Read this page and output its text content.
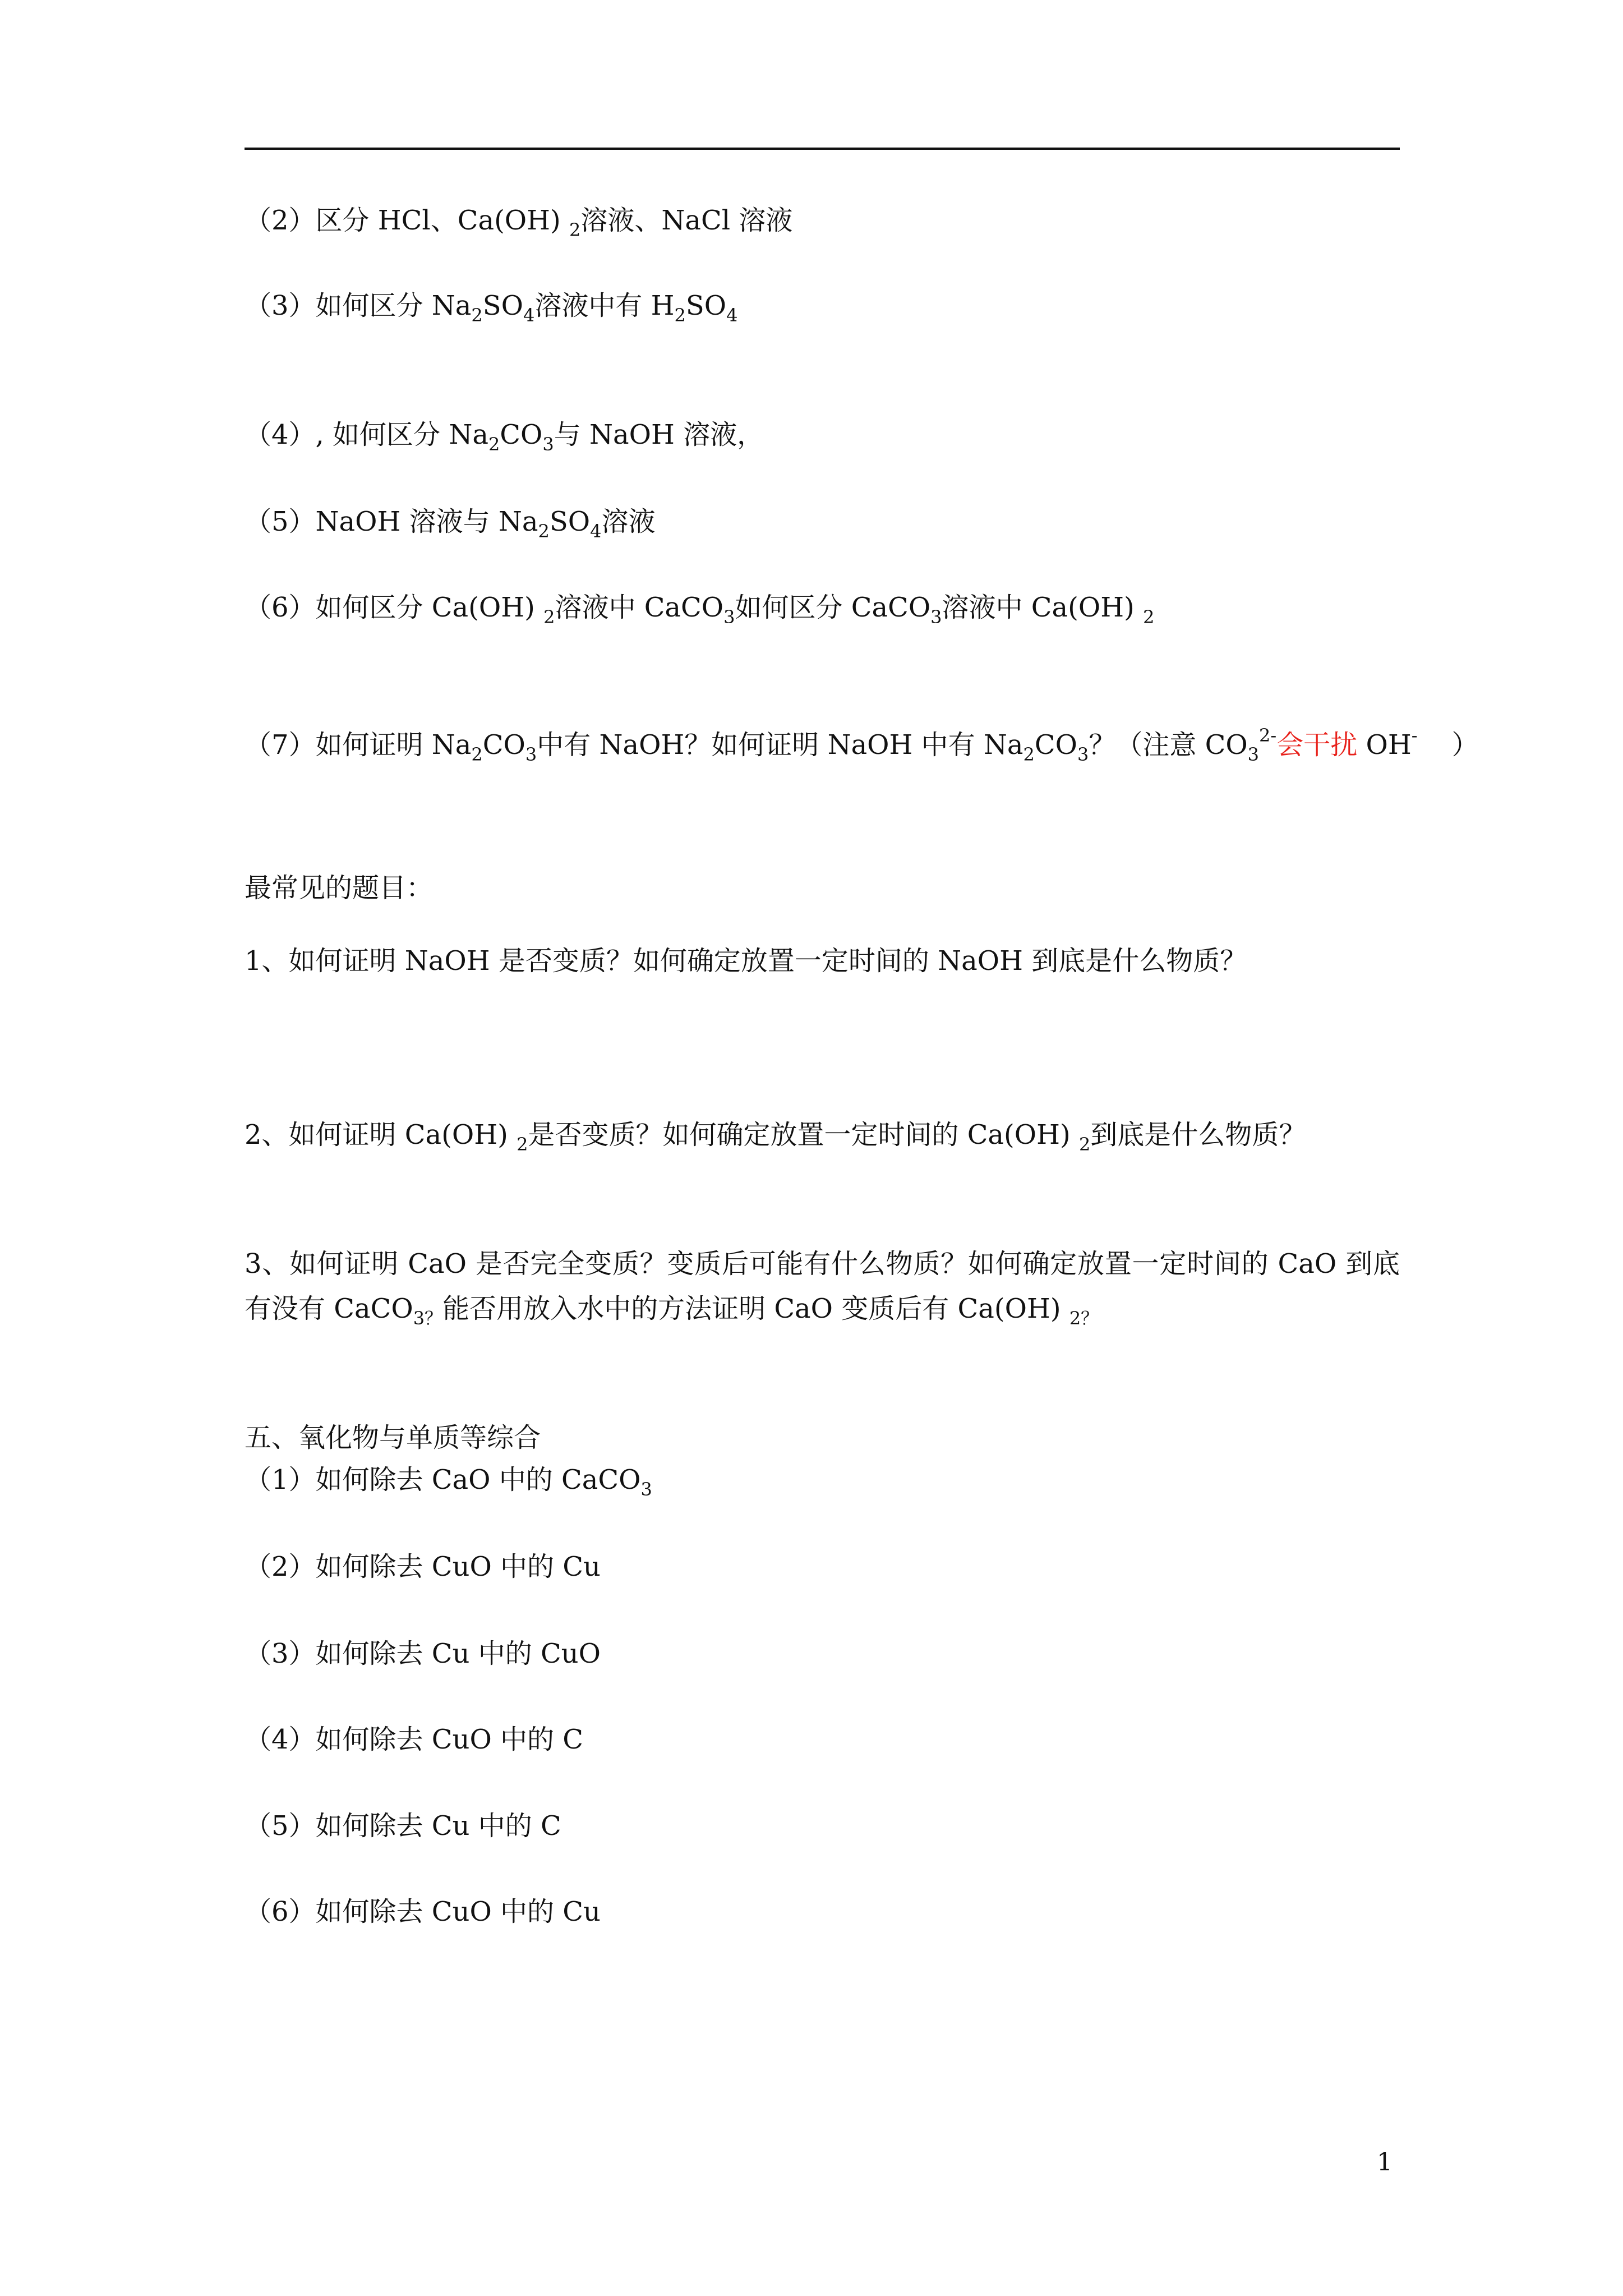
（2）区分 HCl、Ca(OH) $_2$溶液、NaCl 溶液

（3）如何区分 $Na_2SO_4$溶液中有 $H_2SO_4$

（4）, 如何区分 $Na_2CO_3$与 NaOH 溶液，

（5）NaOH 溶液与 $Na_2SO_4$溶液

（6）如何区分 Ca(OH) $_2$溶液中 CaCO$_3$如何区分 CaCO$_3$溶液中 Ca(OH) $_2$

（7）如何证明 $Na_2CO_3$中有 NaOH？如何证明 NaOH 中有 $Na_2CO_3$？（注意 $CO_3^{2-}$会干扰 OH-    ）

最常见的题目：

1、如何证明 NaOH 是否变质？如何确定放置一定时间的 NaOH 到底是什么物质？

2、如何证明 Ca(OH) $_2$是否变质？如何确定放置一定时间的 Ca(OH) $_2$到底是什么物质？

3、如何证明 CaO 是否完全变质？变质后可能有什么物质？如何确定放置一定时间的 CaO 到底有没有 CaCO$_{3?}$能否用放入水中的方法证明 CaO 变质后有 Ca(OH) $_{2?}$

五、氧化物与单质等综合

（1）如何除去 CaO 中的 CaCO$_3$

（2）如何除去 CuO 中的 Cu

（3）如何除去 Cu 中的 CuO

（4）如何除去 CuO 中的 C

（5）如何除去 Cu 中的 C

（6）如何除去 CuO 中的 Cu

1
